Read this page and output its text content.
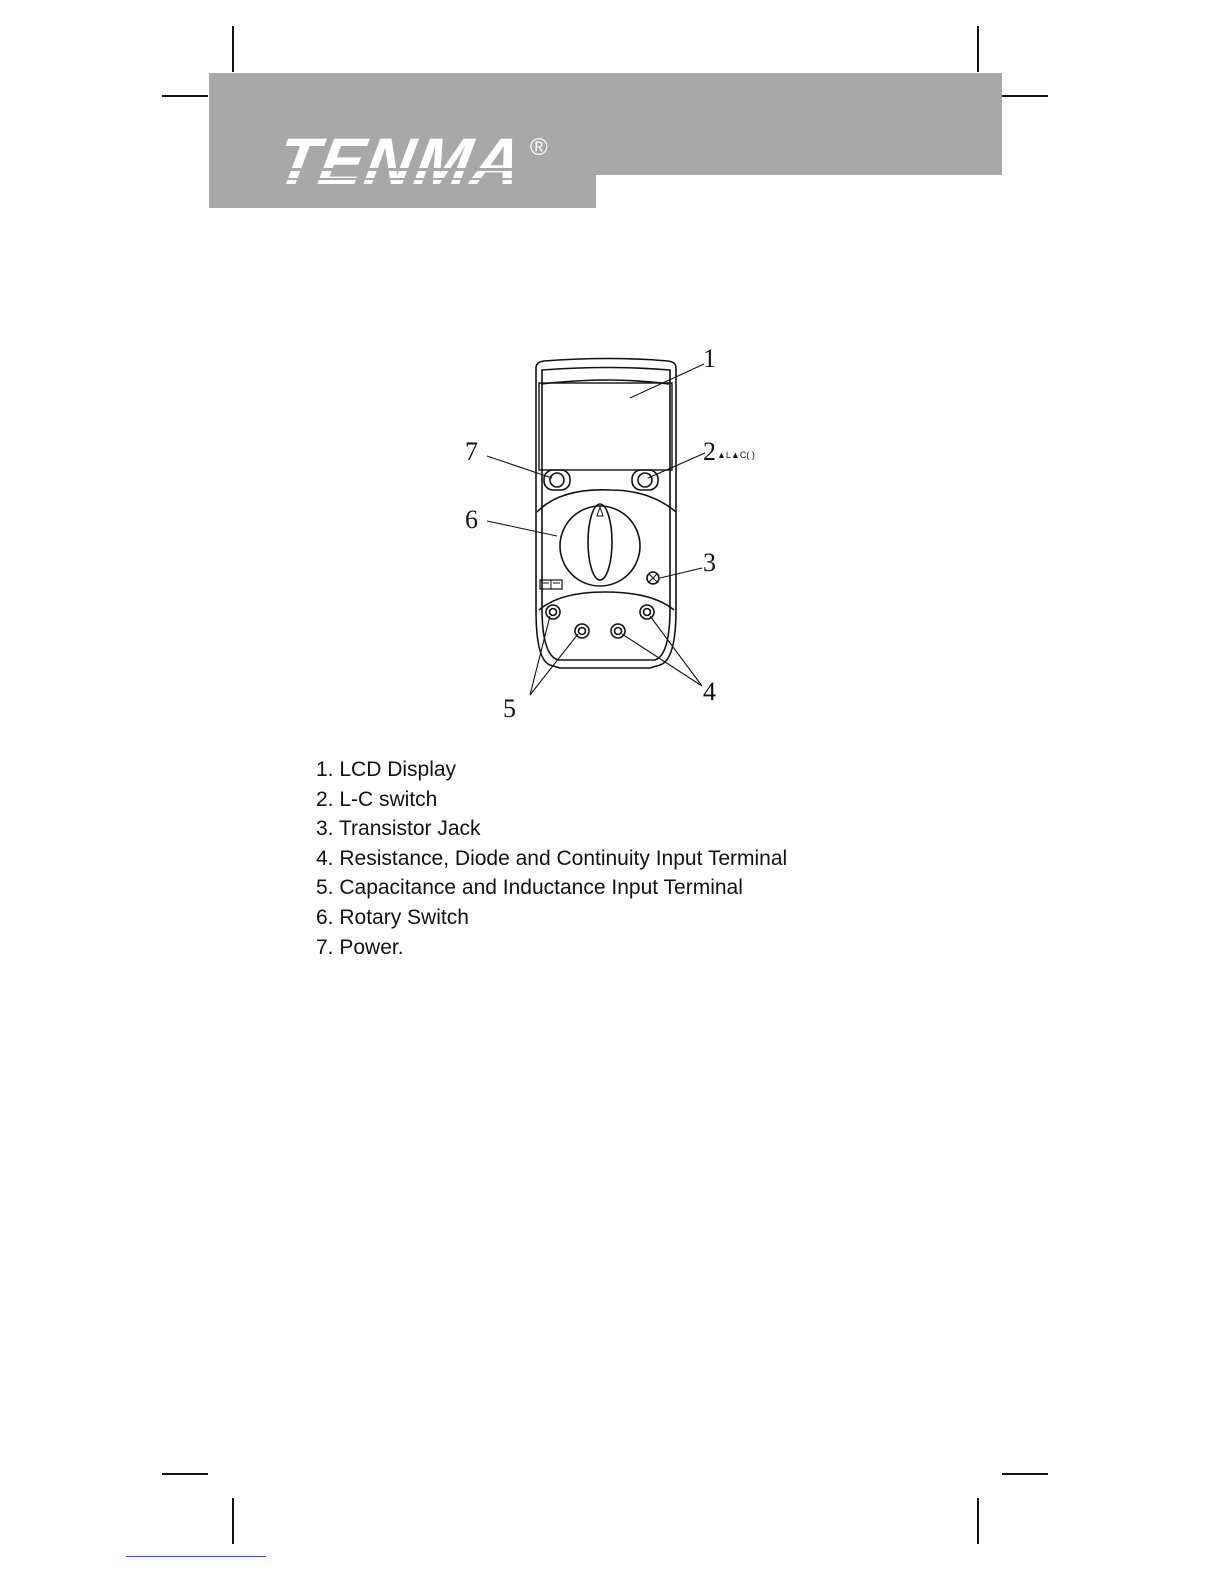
TENMA ®
1
2 ▲L▲C( )
3
4
5
6
7
1. LCD Display
2. L-C switch
3. Transistor Jack
4. Resistance, Diode and Continuity Input Terminal
5. Capacitance and Inductance Input Terminal
6. Rotary Switch
7. Power.
